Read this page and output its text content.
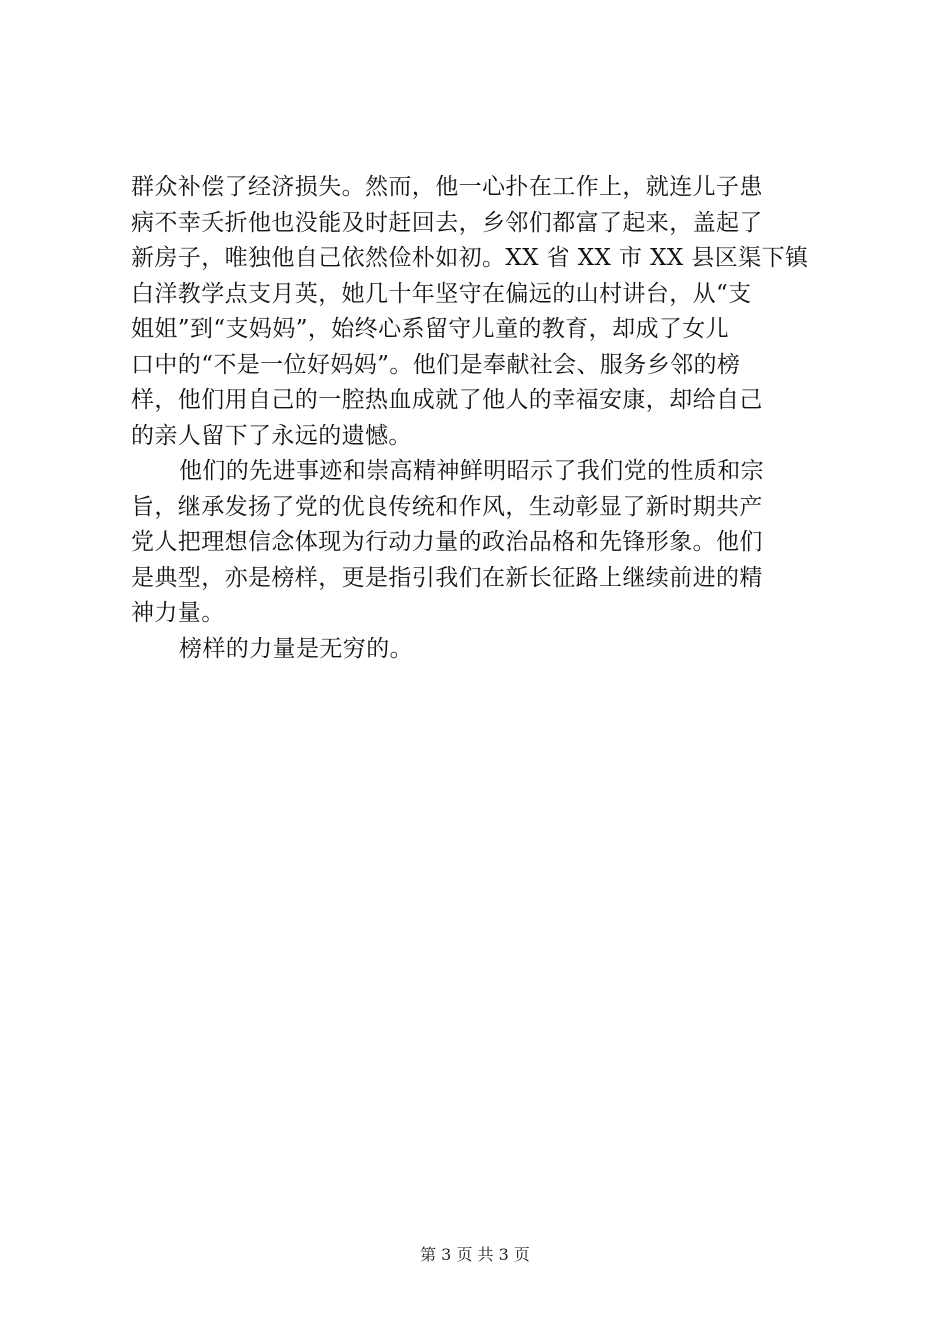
群众补偿了经济损失。然而，他一心扑在工作上，就连儿子患
病不幸夭折他也没能及时赶回去，乡邻们都富了起来，盖起了
新房子，唯独他自己依然俭朴如初。XX 省 XX 市 XX 县区渠下镇
白洋教学点支月英，她几十年坚守在偏远的山村讲台，从“支
姐姐”到“支妈妈”，始终心系留守儿童的教育，却成了女儿
口中的“不是一位好妈妈”。他们是奉献社会、服务乡邻的榜
样，他们用自己的一腔热血成就了他人的幸福安康，却给自己
的亲人留下了永远的遗憾。
他们的先进事迹和崇高精神鲜明昭示了我们党的性质和宗
旨，继承发扬了党的优良传统和作风，生动彰显了新时期共产
党人把理想信念体现为行动力量的政治品格和先锋形象。他们
是典型，亦是榜样，更是指引我们在新长征路上继续前进的精
神力量。
榜样的力量是无穷的。
第 3 页 共 3 页
